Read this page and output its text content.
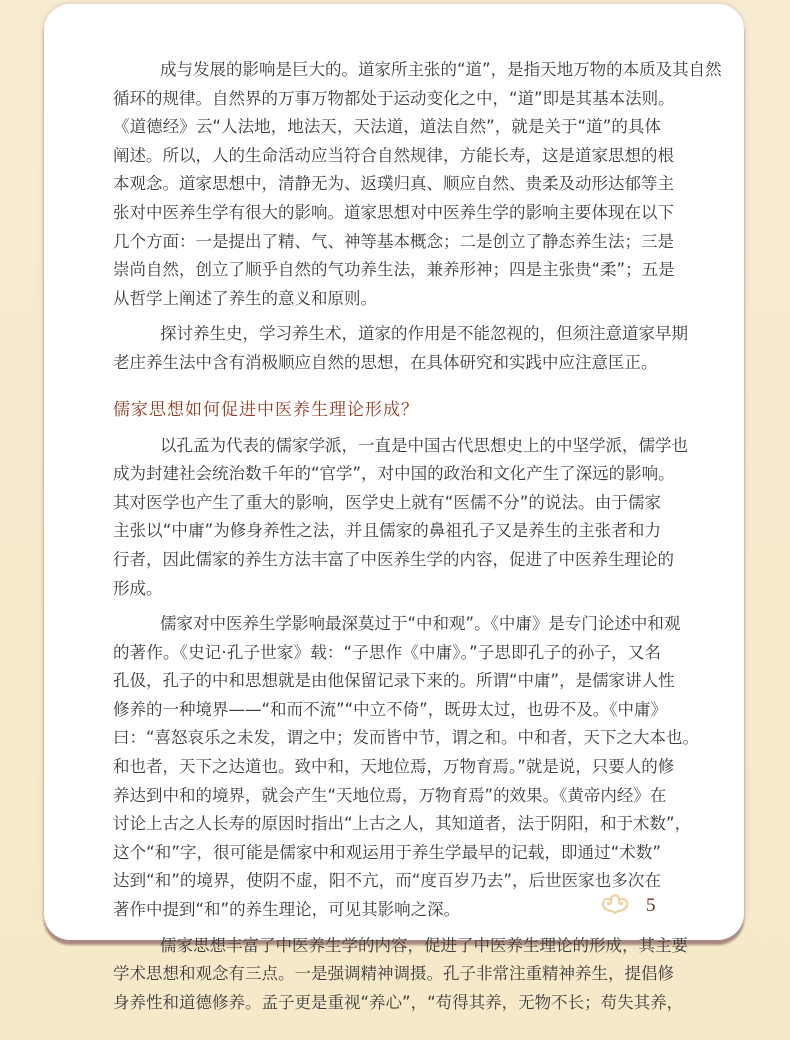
成与发展的影响是巨大的。道家所主张的“道”，是指天地万物的本质及其自然
循环的规律。自然界的万事万物都处于运动变化之中，“道”即是其基本法则。
《道德经》云“人法地，地法天，天法道，道法自然”，就是关于“道”的具体
阐述。所以，人的生命活动应当符合自然规律，方能长寿，这是道家思想的根
本观念。道家思想中，清静无为、返璞归真、顺应自然、贵柔及动形达郁等主
张对中医养生学有很大的影响。道家思想对中医养生学的影响主要体现在以下
几个方面：一是提出了精、气、神等基本概念；二是创立了静态养生法；三是
崇尚自然，创立了顺乎自然的气功养生法，兼养形神；四是主张贵“柔”；五是
从哲学上阐述了养生的意义和原则。
探讨养生史，学习养生术，道家的作用是不能忽视的，但须注意道家早期
老庄养生法中含有消极顺应自然的思想，在具体研究和实践中应注意匡正。
儒家思想如何促进中医养生理论形成？
以孔孟为代表的儒家学派，一直是中国古代思想史上的中坚学派，儒学也
成为封建社会统治数千年的“官学”，对中国的政治和文化产生了深远的影响。
其对医学也产生了重大的影响，医学史上就有“医儒不分”的说法。由于儒家
主张以“中庸”为修身养性之法，并且儒家的鼻祖孔子又是养生的主张者和力
行者，因此儒家的养生方法丰富了中医养生学的内容，促进了中医养生理论的
形成。
儒家对中医养生学影响最深莫过于“中和观”。《中庸》是专门论述中和观
的著作。《史记·孔子世家》载：“子思作《中庸》。”子思即孔子的孙子，又名
孔伋，孔子的中和思想就是由他保留记录下来的。所谓“中庸”，是儒家讲人性
修养的一种境界——“和而不流”“中立不倚”，既毋太过，也毋不及。《中庸》
曰：“喜怒哀乐之未发，谓之中；发而皆中节，谓之和。中和者，天下之大本也。
和也者，天下之达道也。致中和，天地位焉，万物育焉。”就是说，只要人的修
养达到中和的境界，就会产生“天地位焉，万物育焉”的效果。《黄帝内经》在
讨论上古之人长寿的原因时指出“上古之人，其知道者，法于阴阳，和于术数”，
这个“和”字，很可能是儒家中和观运用于养生学最早的记载，即通过“术数”
达到“和”的境界，使阴不虚，阳不亢，而“度百岁乃去”，后世医家也多次在
著作中提到“和”的养生理论，可见其影响之深。
儒家思想丰富了中医养生学的内容，促进了中医养生理论的形成，其主要
学术思想和观念有三点。一是强调精神调摄。孔子非常注重精神养生，提倡修
身养性和道德修养。孟子更是重视“养心”，“苟得其养，无物不长；苟失其养，
5
